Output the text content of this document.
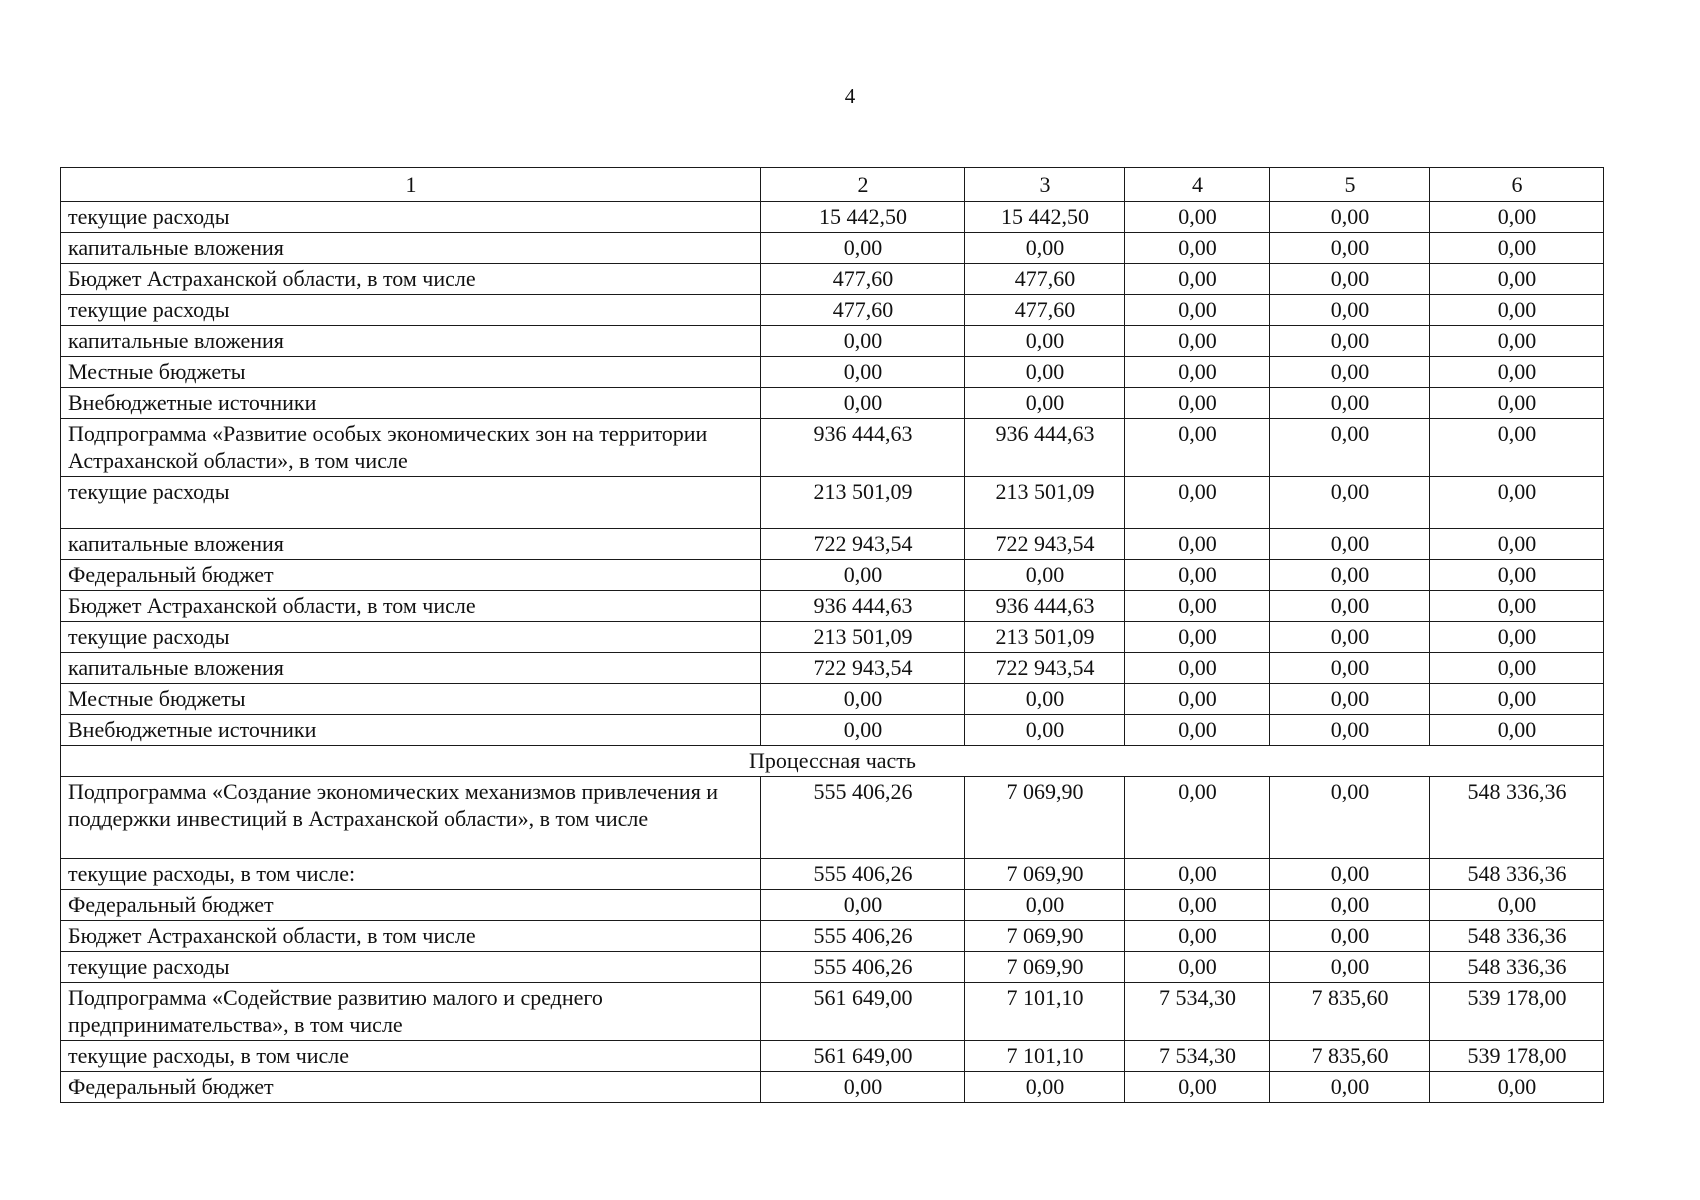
4
1	2	3	4	5	6
текущие расходы	15 442,50	15 442,50	0,00	0,00	0,00
капитальные вложения	0,00	0,00	0,00	0,00	0,00
Бюджет Астраханской области, в том числе	477,60	477,60	0,00	0,00	0,00
текущие расходы	477,60	477,60	0,00	0,00	0,00
капитальные вложения	0,00	0,00	0,00	0,00	0,00
Местные бюджеты	0,00	0,00	0,00	0,00	0,00
Внебюджетные источники	0,00	0,00	0,00	0,00	0,00
Подпрограмма «Развитие особых экономических зон на территории Астраханской области», в том числе	936 444,63	936 444,63	0,00	0,00	0,00
текущие расходы	213 501,09	213 501,09	0,00	0,00	0,00
капитальные вложения	722 943,54	722 943,54	0,00	0,00	0,00
Федеральный бюджет	0,00	0,00	0,00	0,00	0,00
Бюджет Астраханской области, в том числе	936 444,63	936 444,63	0,00	0,00	0,00
текущие расходы	213 501,09	213 501,09	0,00	0,00	0,00
капитальные вложения	722 943,54	722 943,54	0,00	0,00	0,00
Местные бюджеты	0,00	0,00	0,00	0,00	0,00
Внебюджетные источники	0,00	0,00	0,00	0,00	0,00
Процессная часть					
Подпрограмма «Создание экономических механизмов привлечения и поддержки инвестиций в Астраханской области», в том числе	555 406,26	7 069,90	0,00	0,00	548 336,36
текущие расходы, в том числе:	555 406,26	7 069,90	0,00	0,00	548 336,36
Федеральный бюджет	0,00	0,00	0,00	0,00	0,00
Бюджет Астраханской области, в том числе	555 406,26	7 069,90	0,00	0,00	548 336,36
текущие расходы	555 406,26	7 069,90	0,00	0,00	548 336,36
Подпрограмма «Содействие развитию малого и среднего предпринимательства», в том числе	561 649,00	7 101,10	7 534,30	7 835,60	539 178,00
текущие расходы, в том числе	561 649,00	7 101,10	7 534,30	7 835,60	539 178,00
Федеральный бюджет	0,00	0,00	0,00	0,00	0,00
